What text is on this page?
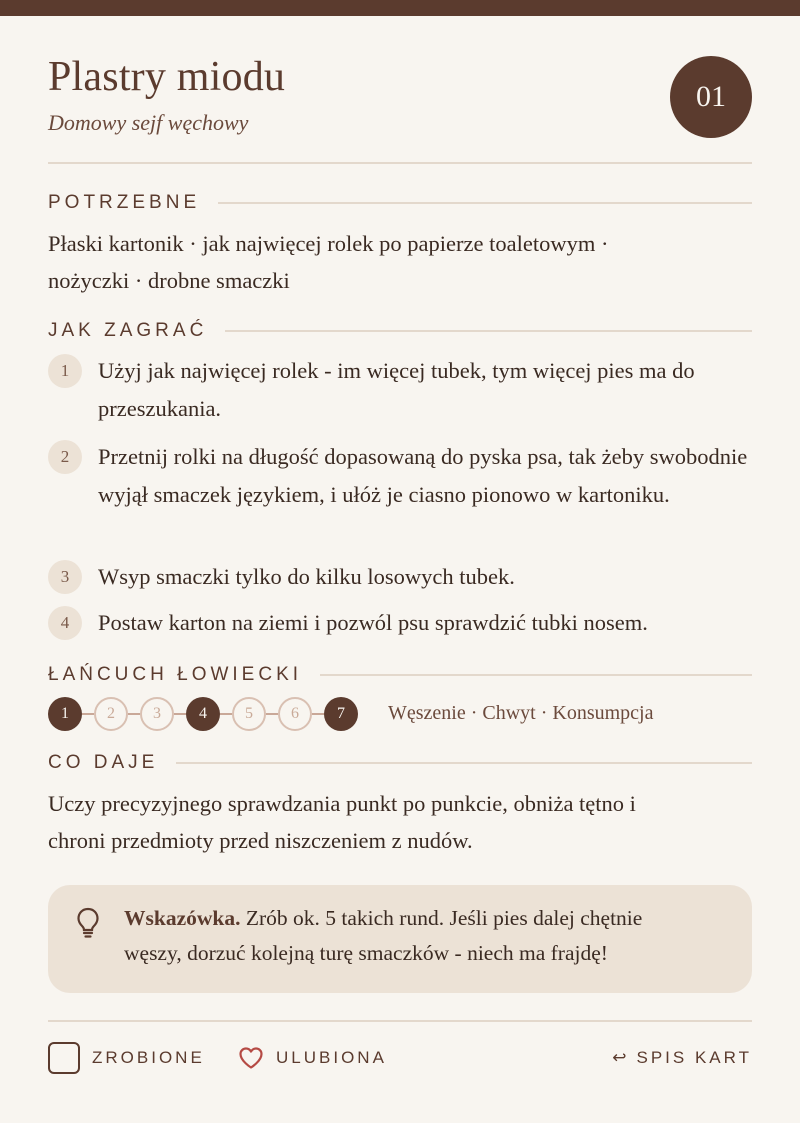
Plastry miodu
Domowy sejf węchowy
01
POTRZEBNE
Płaski kartonik · jak najwięcej rolek po papierze toaletowym ·
nożyczki · drobne smaczki
JAK ZAGRAĆ
1	Użyj jak najwięcej rolek - im więcej tubek, tym więcej pies ma do przeszukania.
2	Przetnij rolki na długość dopasowaną do pyska psa, tak żeby swobodnie wyjął smaczek językiem, i ułóż je ciasno pionowo w kartoniku.
3	Wsyp smaczki tylko do kilku losowych tubek.
4	Postaw karton na ziemi i pozwól psu sprawdzić tubki nosem.
ŁAŃCUCH ŁOWIECKI
1	2	3	4	5	6	7	Węszenie · Chwyt · Konsumpcja
CO DAJE
Uczy precyzyjnego sprawdzania punkt po punkcie, obniża tętno i
chroni przedmioty przed niszczeniem z nudów.
Wskazówka. Zrób ok. 5 takich rund. Jeśli pies dalej chętnie
węszy, dorzuć kolejną turę smaczków - niech ma frajdę!
ZROBIONE	ULUBIONA	↩ SPIS KART
